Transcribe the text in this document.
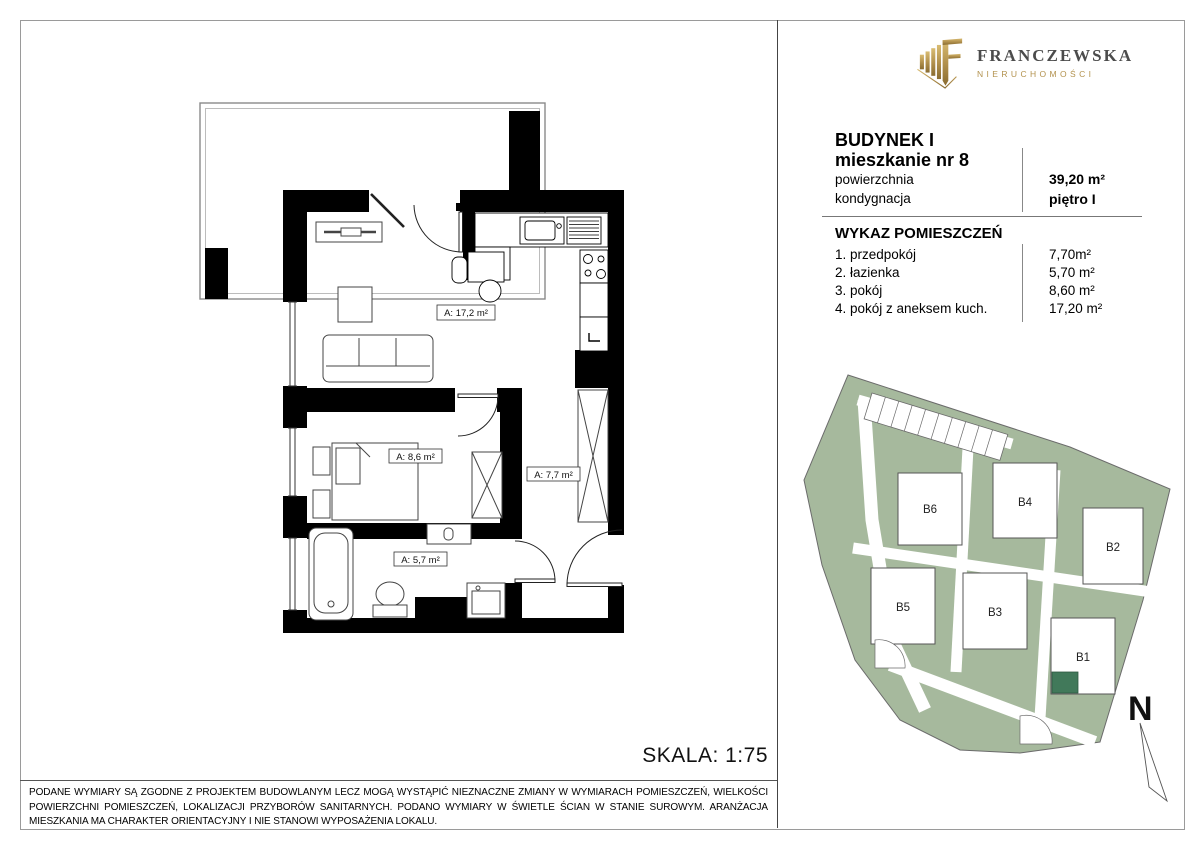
A: 17,2 m²
A: 8,6 m²
A: 7,7 m²
A: 5,7 m²
SKALA: 1:75
PODANE WYMIARY SĄ ZGODNE Z PROJEKTEM BUDOWLANYM LECZ MOGĄ WYSTĄPIĆ NIEZNACZNE ZMIANY W WYMIARACH POMIESZCZEŃ, WIELKOŚCI POWIERZCHNI POMIESZCZEŃ, LOKALIZACJI PRZYBORÓW SANITARNYCH. PODANO WYMIARY W ŚWIETLE ŚCIAN W STANIE SUROWYM. ARANŻACJA MIESZKANIA MA CHARAKTER ORIENTACYJNY I NIE STANOWI WYPOSAŻENIA LOKALU.
FRANCZEWSKA
NIERUCHOMOŚCI
BUDYNEK I
mieszkanie nr 8
powierzchnia
kondygnacja
39,20 m²
piętro I
WYKAZ POMIESZCZEŃ
1. przedpokój
2. łazienka
3. pokój
4. pokój z aneksem kuch.
7,70m²
5,70 m²
8,60 m²
17,20 m²
B6
B4
B2
B5	B3
B1
N
